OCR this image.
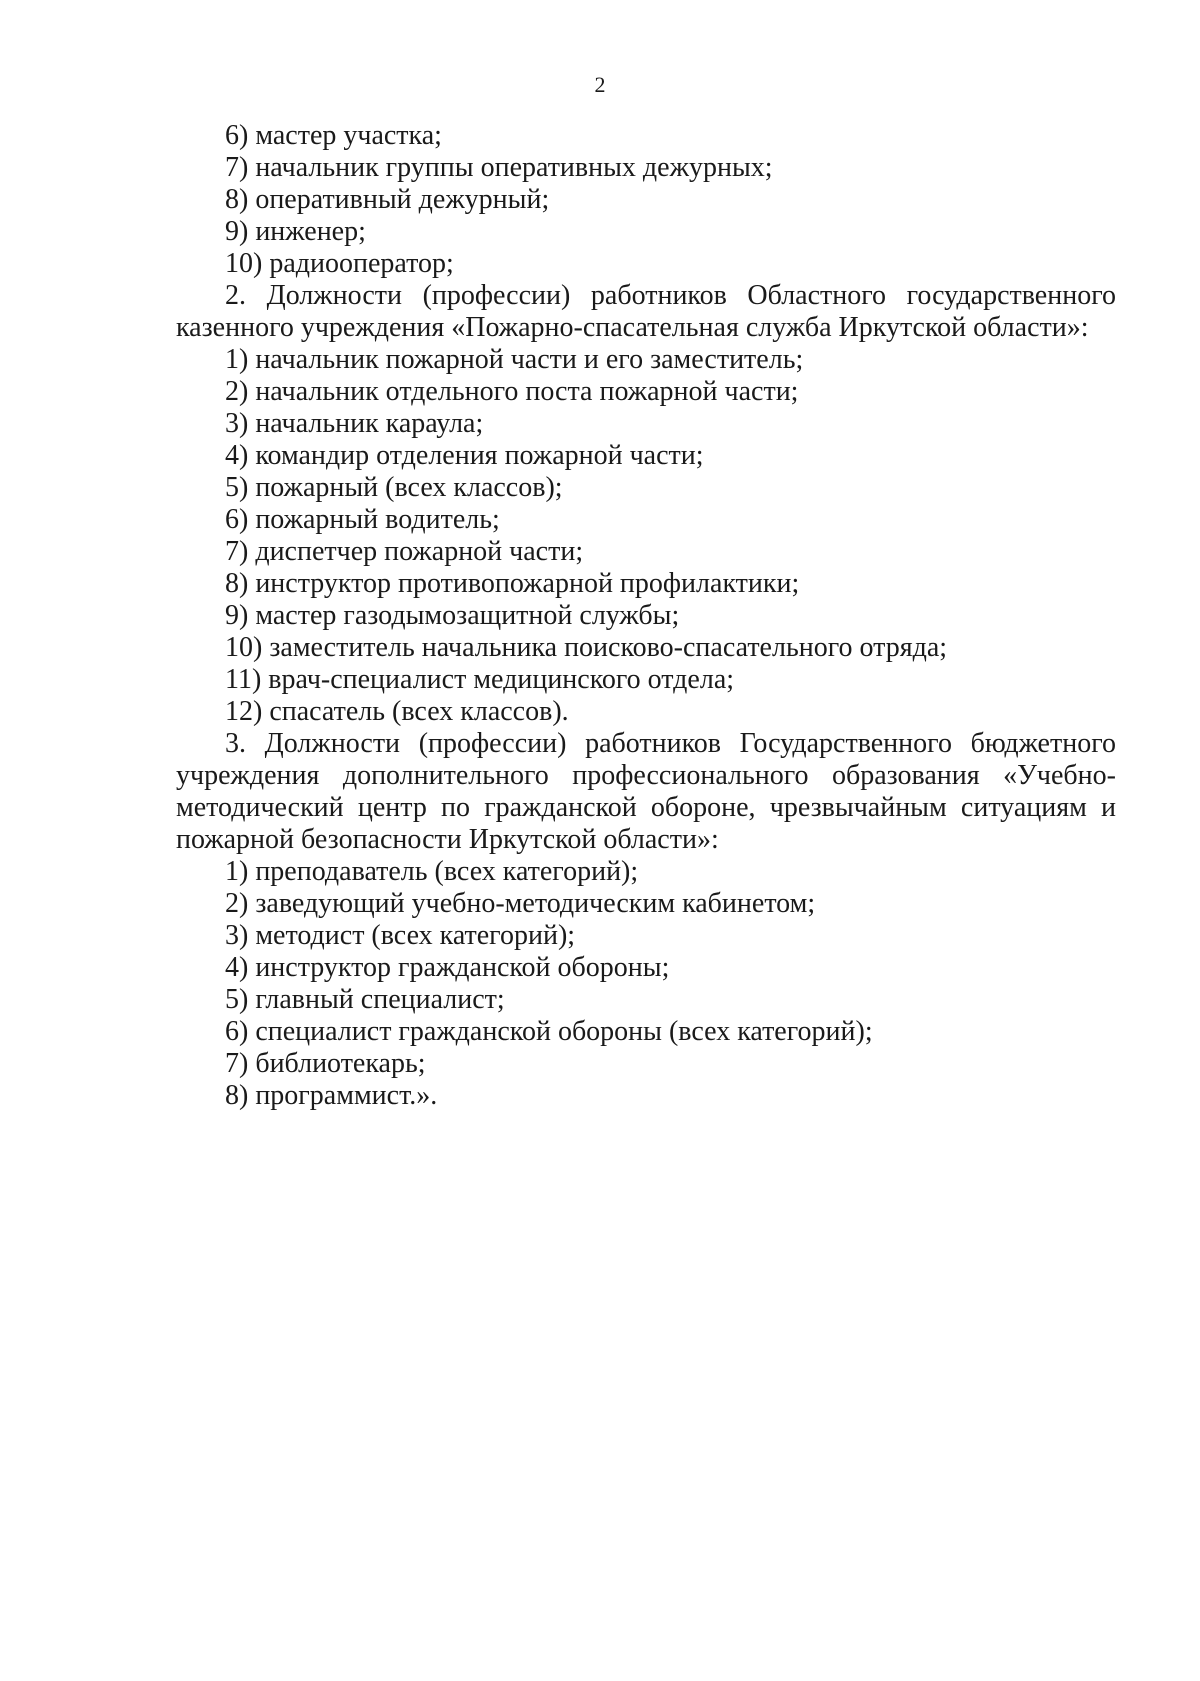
2

6) мастер участка;

7) начальник группы оперативных дежурных;

8) оперативный дежурный;

9) инженер;

10) радиооператор;

2. Должности (профессии) работников Областного государственного казенного учреждения «Пожарно-спасательная служба Иркутской области»:

1) начальник пожарной части и его заместитель;

2) начальник отдельного поста пожарной части;

3) начальник караула;

4) командир отделения пожарной части;

5) пожарный (всех классов);

6) пожарный водитель;

7) диспетчер пожарной части;

8) инструктор противопожарной профилактики;

9) мастер газодымозащитной службы;

10) заместитель начальника поисково-спасательного отряда;

11) врач-специалист медицинского отдела;

12) спасатель (всех классов).

3. Должности (профессии) работников Государственного бюджетного учреждения дополнительного профессионального образования «Учебно-методический центр по гражданской обороне, чрезвычайным ситуациям и пожарной безопасности Иркутской области»:

1) преподаватель (всех категорий);

2) заведующий учебно-методическим кабинетом;

3) методист (всех категорий);

4) инструктор гражданской обороны;

5) главный специалист;

6) специалист гражданской обороны (всех категорий);

7) библиотекарь;

8) программист.».
